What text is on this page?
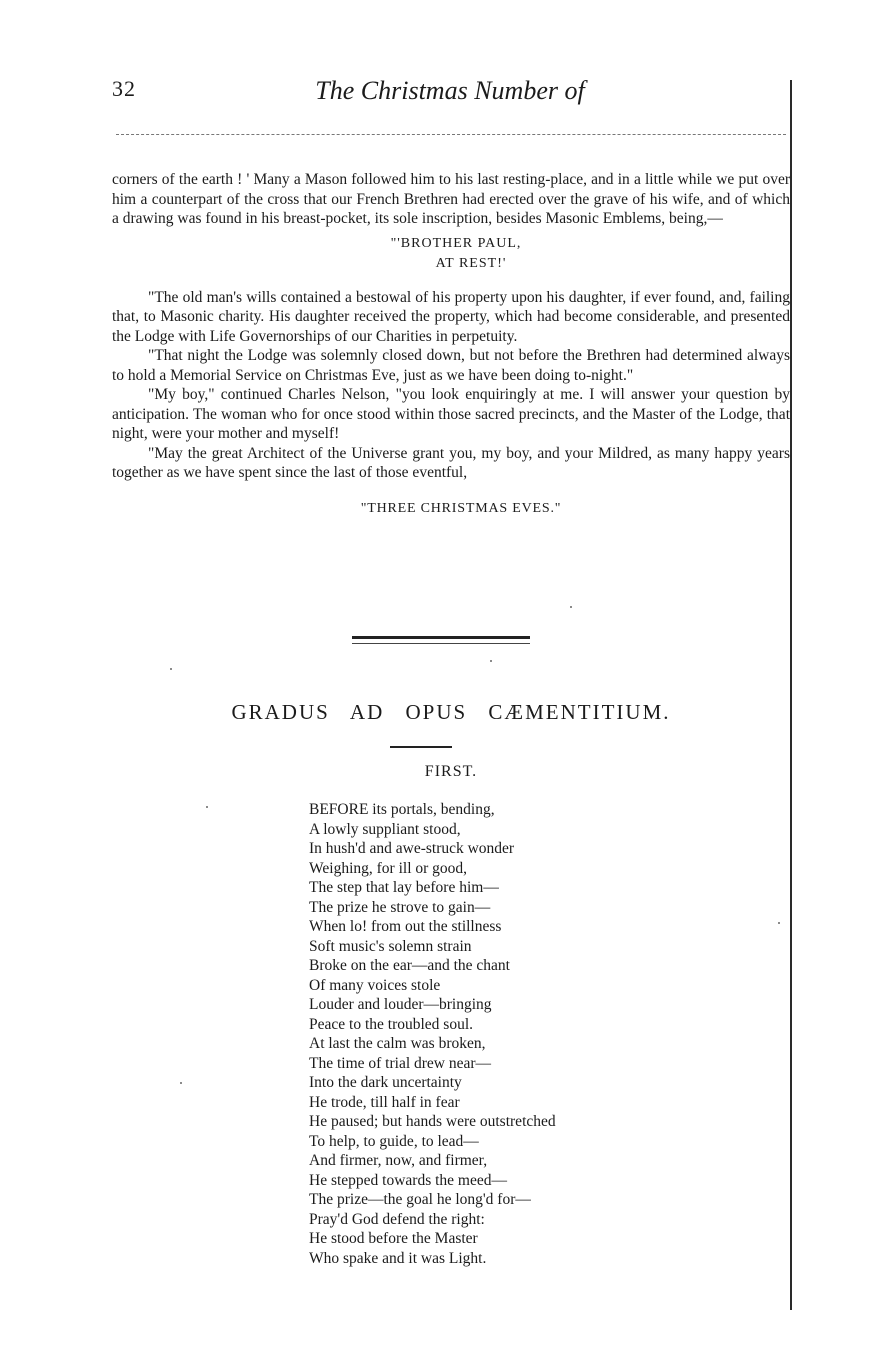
32	The Christmas Number of

corners of the earth ! ' Many a Mason followed him to his last resting-place, and in a little while we put over him a counterpart of the cross that our French Brethren had erected over the grave of his wife, and of which a drawing was found in his breast-pocket, its sole inscription, besides Masonic Emblems, being,—

"'BROTHER PAUL,
AT REST!'

"The old man's wills contained a bestowal of his property upon his daughter, if ever found, and, failing that, to Masonic charity. His daughter received the property, which had become considerable, and presented the Lodge with Life Governorships of our Charities in perpetuity.

"That night the Lodge was solemnly closed down, but not before the Brethren had determined always to hold a Memorial Service on Christmas Eve, just as we have been doing to-night."

"My boy," continued Charles Nelson, "you look enquiringly at me. I will answer your question by anticipation. The woman who for once stood within those sacred precincts, and the Master of the Lodge, that night, were your mother and myself!

"May the great Architect of the Universe grant you, my boy, and your Mildred, as many happy years together as we have spent since the last of those eventful,

"THREE CHRISTMAS EVES."
GRADUS AD OPUS CÆMENTITIUM.
FIRST.
BEFORE its portals, bending,
A lowly suppliant stood,
In hush'd and awe-struck wonder
Weighing, for ill or good,
The step that lay before him—
The prize he strove to gain—
When lo! from out the stillness
Soft music's solemn strain
Broke on the ear—and the chant
Of many voices stole
Louder and louder—bringing
Peace to the troubled soul.
At last the calm was broken,
The time of trial drew near—
Into the dark uncertainty
He trode, till half in fear
He paused; but hands were outstretched
To help, to guide, to lead—
And firmer, now, and firmer,
He stepped towards the meed—
The prize—the goal he long'd for—
Pray'd God defend the right:
He stood before the Master
Who spake and it was Light.
